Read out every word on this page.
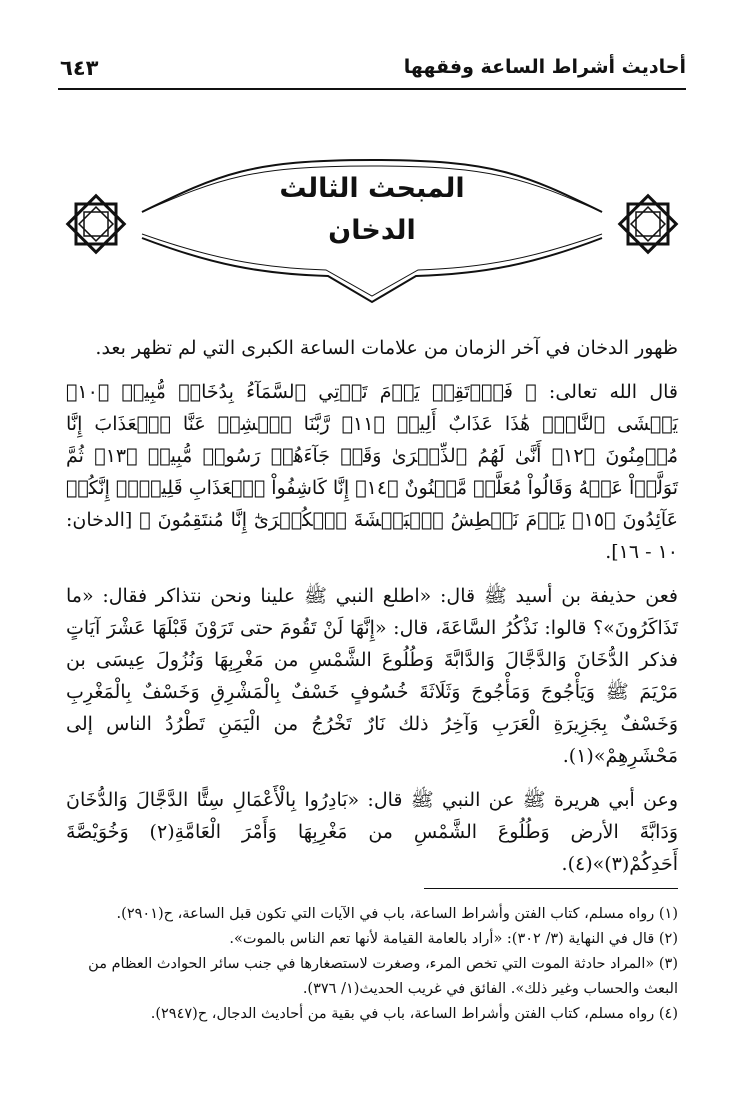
أحاديث أشراط الساعة وفقهها
٦٤٣
المبحث الثالث
الدخان

ظهور الدخان في آخر الزمان من علامات الساعة الكبرى التي لم تظهر بعد.

قال الله تعالى: ﴿ فَٱرۡتَقِبۡ يَوۡمَ تَأۡتِي ٱلسَّمَآءُ بِدُخَانٖ مُّبِينٖ ﴿١٠﴾ يَغۡشَى ٱلنَّاسَۖ هَٰذَا عَذَابٌ أَلِيمٞ ﴿١١﴾ رَّبَّنَا ٱكۡشِفۡ عَنَّا ٱلۡعَذَابَ إِنَّا مُؤۡمِنُونَ ﴿١٢﴾ أَنَّىٰ لَهُمُ ٱلذِّكۡرَىٰ وَقَدۡ جَآءَهُمۡ رَسُولٞ مُّبِينٞ ﴿١٣﴾ ثُمَّ تَوَلَّوۡاْ عَنۡهُ وَقَالُواْ مُعَلَّمٞ مَّجۡنُونٌ ﴿١٤﴾ إِنَّا كَاشِفُواْ ٱلۡعَذَابِ قَلِيلًاۚ إِنَّكُمۡ عَآئِدُونَ ﴿١٥﴾ يَوۡمَ نَبۡطِشُ ٱلۡبَطۡشَةَ ٱلۡكُبۡرَىٰٓ إِنَّا مُنتَقِمُونَ ﴾ [الدخان: ١٠ - ١٦].

فعن حذيفة بن أسيد ﷺ قال: «اطلع النبي ﷺ علينا ونحن نتذاكر فقال: «ما تَذَاكَرُونَ»؟ قالوا: نَذْكُرُ السَّاعَةَ، قال: «إِنَّهَا لَنْ تَقُومَ حتى تَرَوْنَ قَبْلَهَا عَشْرَ آيَاتٍ فذكر الدُّخَانَ وَالدَّجَّالَ وَالدَّابَّةَ وَطُلُوعَ الشَّمْسِ من مَغْرِبِهَا وَنُزُولَ عِيسَى بن مَرْيَمَ ﷺ وَيَأْجُوجَ وَمَأْجُوجَ وَثَلَاثَةَ خُسُوفٍ خَسْفٌ بِالْمَشْرِقِ وَخَسْفٌ بِالْمَغْرِبِ وَخَسْفٌ بِجَزِيرَةِ الْعَرَبِ وَآخِرُ ذلك نَارٌ تَخْرُجُ من الْيَمَنِ تَطْرُدُ الناس إلى مَحْشَرِهِمْ»(١).

وعن أبي هريرة ﷺ عن النبي ﷺ قال: «بَادِرُوا بِالْأَعْمَالِ سِتًّا الدَّجَّالَ وَالدُّخَانَ وَدَابَّةَ الأرض وَطُلُوعَ الشَّمْسِ من مَغْرِبِهَا وَأَمْرَ الْعَامَّةِ(٢) وَخُوَيْصَّةَ أَحَدِكُمْ(٣)»(٤).

(١) رواه مسلم، كتاب الفتن وأشراط الساعة، باب في الآيات التي تكون قبل الساعة، ح(٢٩٠١).
(٢) قال في النهاية (٣/ ٣٠٢): «أراد بالعامة القيامة لأنها تعم الناس بالموت».
(٣) «المراد حادثة الموت التي تخص المرء، وصغرت لاستصغارها في جنب سائر الحوادث العظام من البعث والحساب وغير ذلك». الفائق في غريب الحديث(١/ ٣٧٦).
(٤) رواه مسلم، كتاب الفتن وأشراط الساعة، باب في بقية من أحاديث الدجال، ح(٢٩٤٧).
